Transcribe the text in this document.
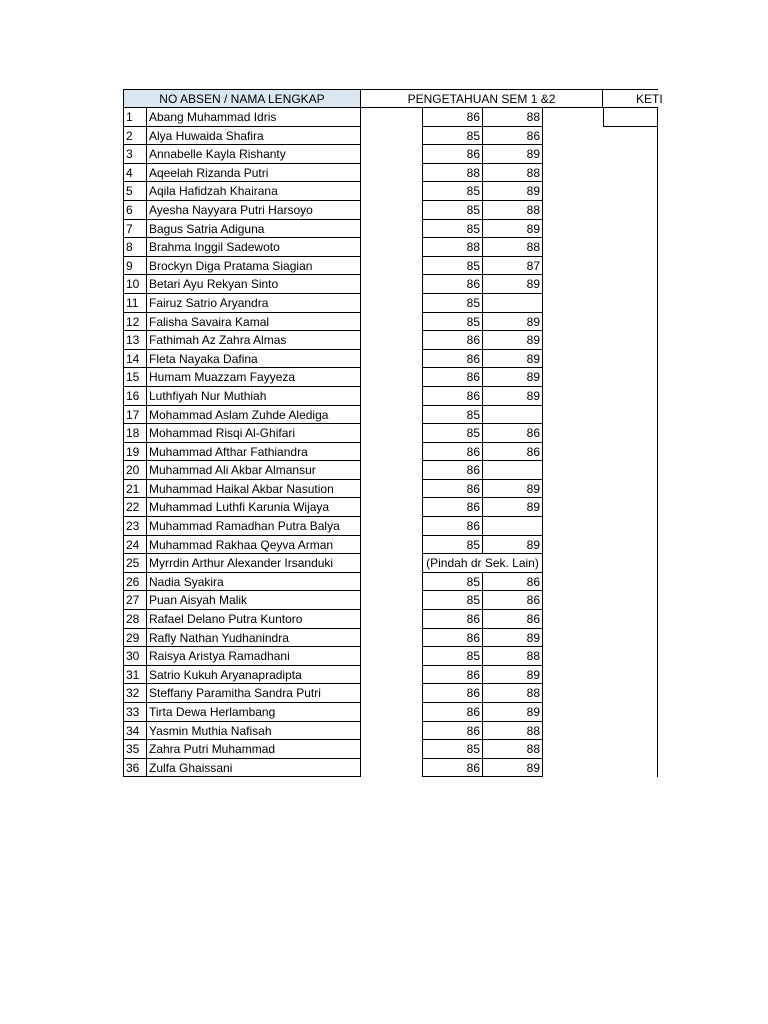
NO ABSEN / NAMA LENGKAP	PENGETAHUAN SEM 1 &2	KETI
1	Abang Muhammad Idris	86	88
2	Alya Huwaida Shafira	85	86
3	Annabelle Kayla Rishanty	86	89
4	Aqeelah Rizanda Putri	88	88
5	Aqila Hafidzah Khairana	85	89
6	Ayesha Nayyara Putri Harsoyo	85	88
7	Bagus Satria Adiguna	85	89
8	Brahma Inggil Sadewoto	88	88
9	Brockyn Diga Pratama Siagian	85	87
10 Betari Ayu Rekyan Sinto	86	89
11 Fairuz Satrio Aryandra	85
12 Falisha Savaira Kamal	85	89
13 Fathimah Az Zahra Almas	86	89
14 Fleta Nayaka Dafina	86	89
15 Humam Muazzam Fayyeza	86	89
16 Luthfiyah Nur Muthiah	86	89
17 Mohammad Aslam Zuhde Alediga	85
18 Mohammad Risqi Al-Ghifari	85	86
19 Muhammad Afthar Fathiandra	86	86
20 Muhammad Ali Akbar Almansur	86
21 Muhammad Haikal Akbar Nasution	86	89
22 Muhammad Luthfi Karunia Wijaya	86	89
23 Muhammad Ramadhan Putra Balya	86
24 Muhammad Rakhaa Qeyva Arman	85	89
25 Myrrdin Arthur Alexander Irsanduki	(Pindah dr Sek. Lain)
26 Nadia Syakira	85	86
27 Puan Aisyah Malik	85	86
28 Rafael Delano Putra Kuntoro	86	86
29 Rafly Nathan Yudhanindra	86	89
30 Raisya Aristya Ramadhani	85	88
31 Satrio Kukuh Aryanapradipta	86	89
32 Steffany Paramitha Sandra Putri	86	88
33 Tirta Dewa Herlambang	86	89
34 Yasmin Muthia Nafisah	86	88
35 Zahra Putri Muhammad	85	88
36 Zulfa Ghaissani	86	89
